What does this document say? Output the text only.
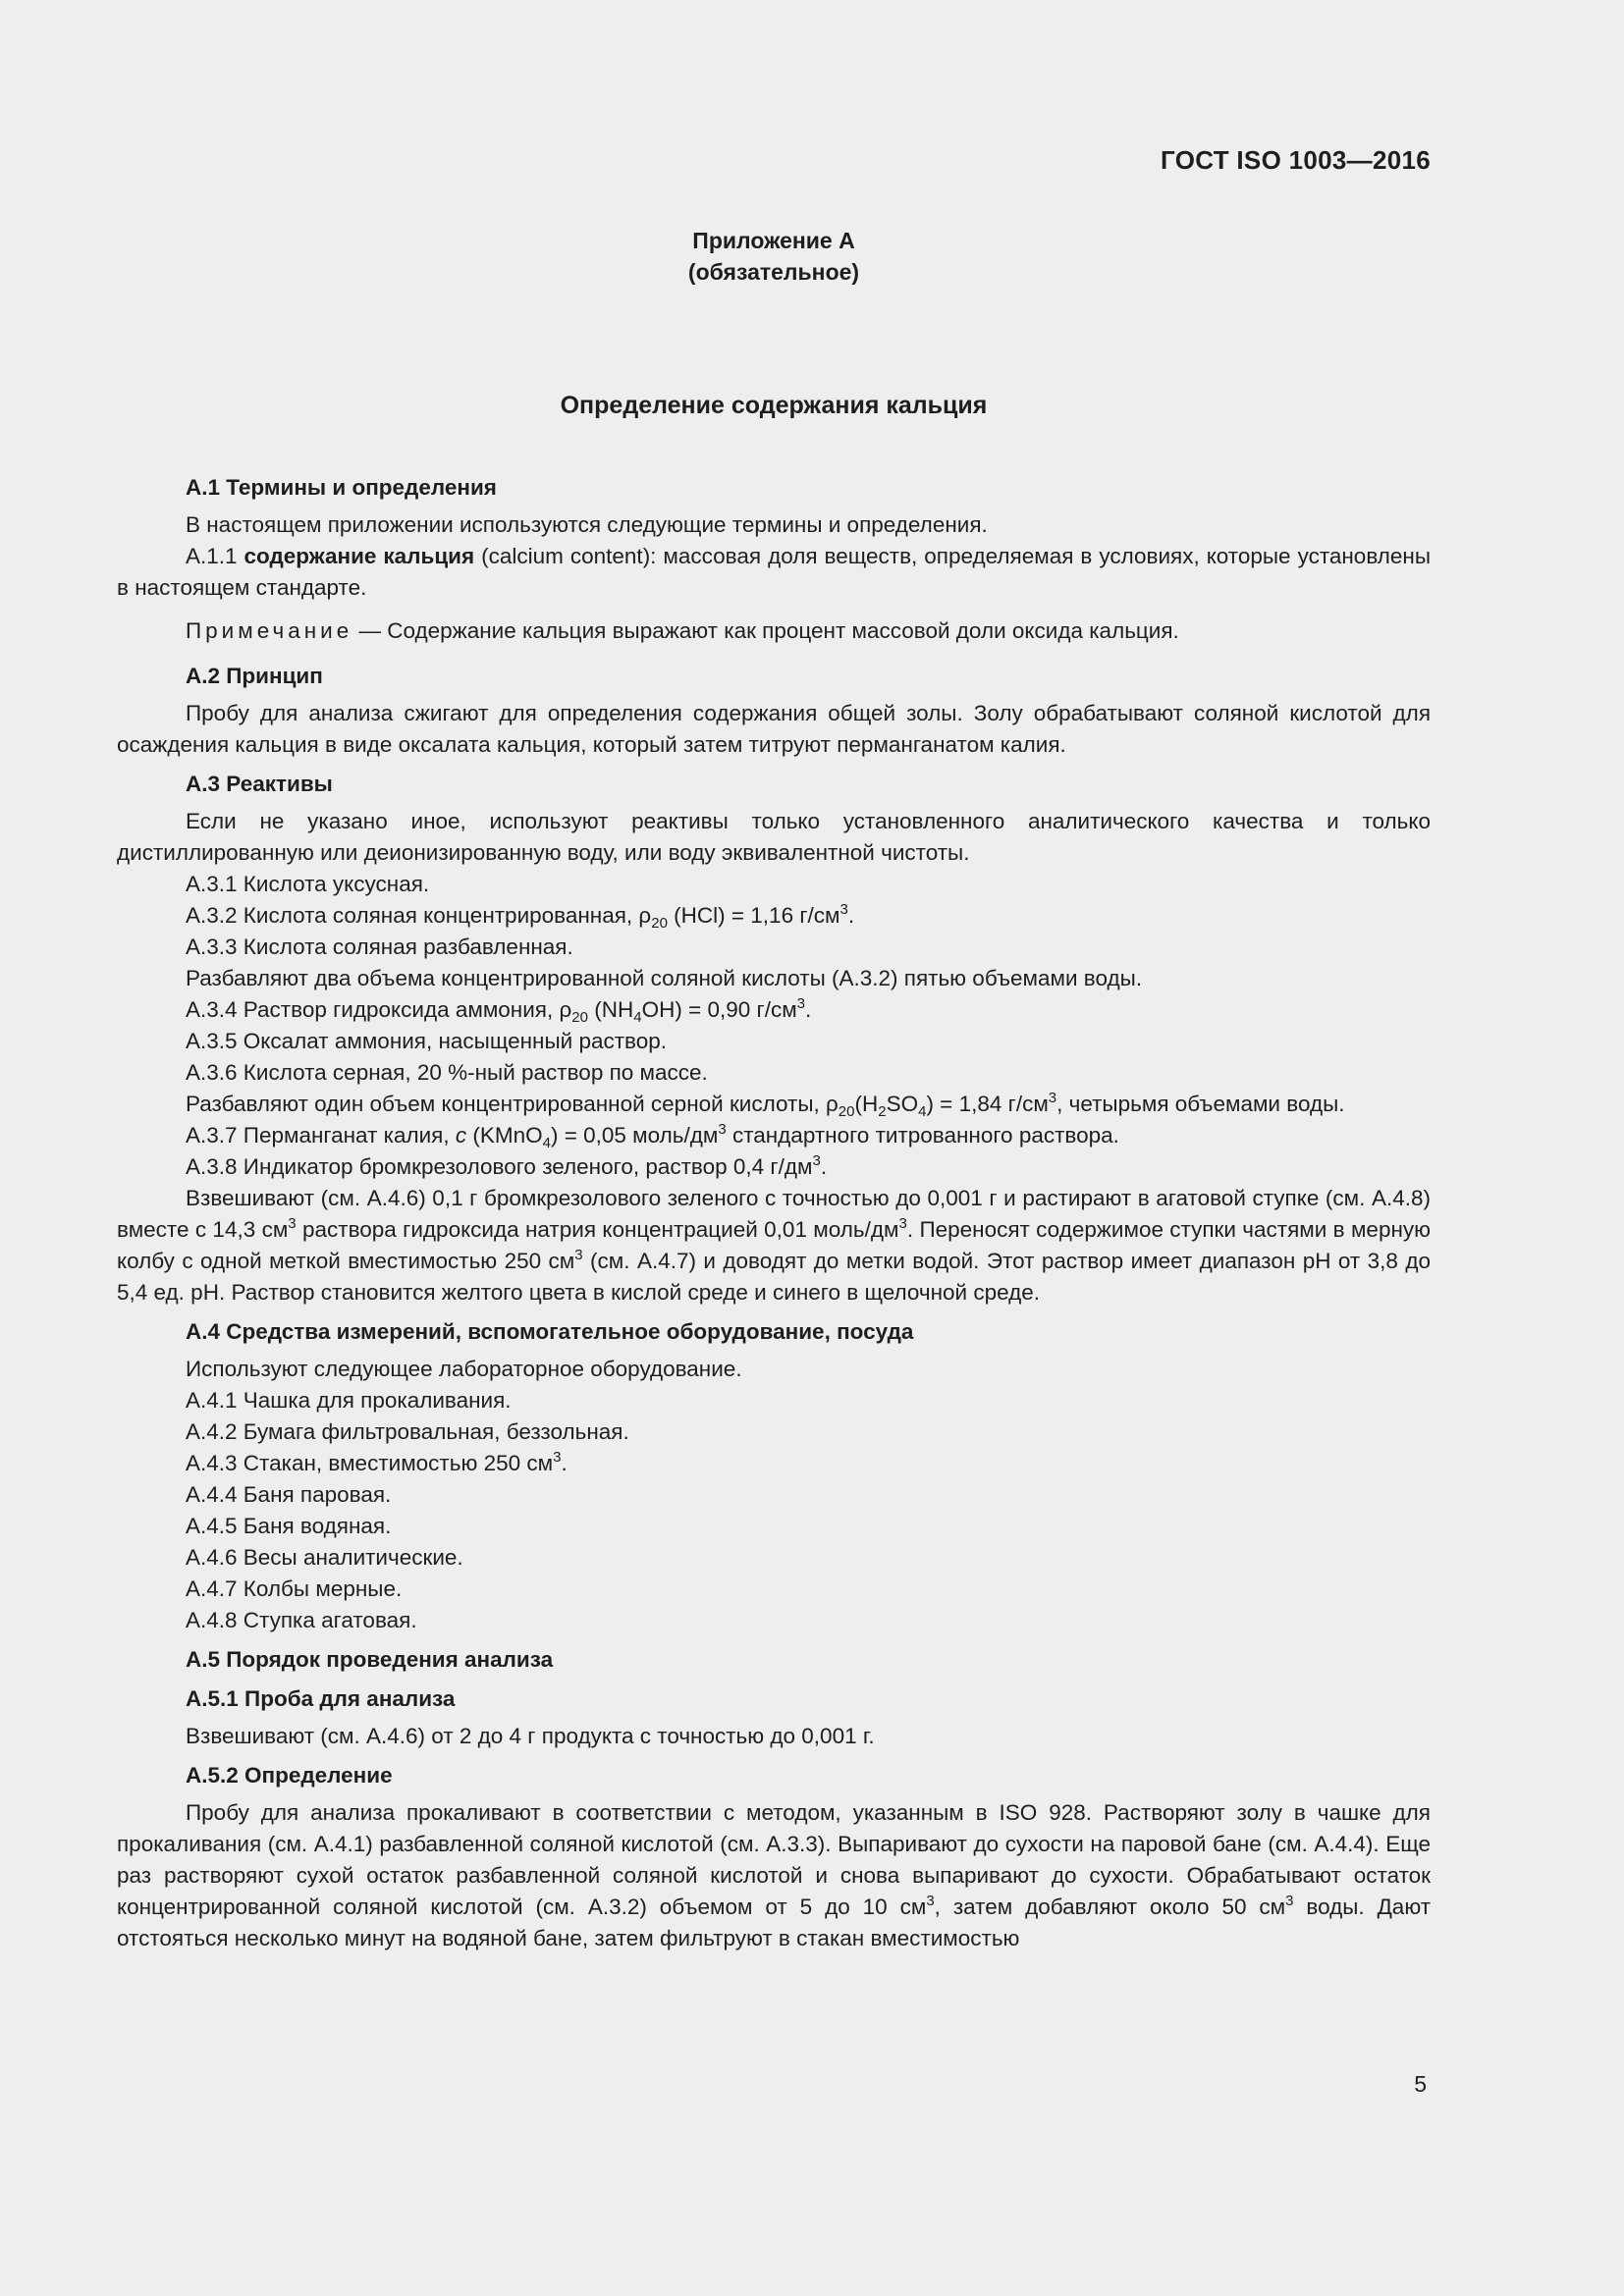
ГОСТ ISO 1003—2016
Приложение А
(обязательное)
Определение содержания кальция

А.1 Термины и определения

В настоящем приложении используются следующие термины и определения.

А.1.1 содержание кальция (calcium content): массовая доля веществ, определяемая в условиях, которые установлены в настоящем стандарте.

Примечание — Содержание кальция выражают как процент массовой доли оксида кальция.

А.2 Принцип

Пробу для анализа сжигают для определения содержания общей золы. Золу обрабатывают соляной кислотой для осаждения кальция в виде оксалата кальция, который затем титруют перманганатом калия.

А.3 Реактивы

Если не указано иное, используют реактивы только установленного аналитического качества и только дистиллированную или деионизированную воду, или воду эквивалентной чистоты.

А.3.1 Кислота уксусная.

А.3.2 Кислота соляная концентрированная, $\rho_{20}$ (HCl) = 1,16 $г/см^3$.

А.3.3 Кислота соляная разбавленная.

Разбавляют два объема концентрированной соляной кислоты (А.3.2) пятью объемами воды.

А.3.4 Раствор гидроксида аммония, $\rho_{20}$ $(NH_4OH) = 0,90$ $г/см^3$.

А.3.5 Оксалат аммония, насыщенный раствор.

А.3.6 Кислота серная, 20 %-ный раствор по массе.

Разбавляют один объем концентрированной серной кислоты, $\rho_{20}(H_2SO_4) = 1,84$ $г/см^3$, четырьмя объемами воды.

А.3.7 Перманганат калия, c (KMnO$_4$) = 0,05 моль/$дм^3$ стандартного титрованного раствора.

А.3.8 Индикатор бромкрезолового зеленого, раствор 0,4 $г/дм^3$.

Взвешивают (см. А.4.6) 0,1 г бромкрезолового зеленого с точностью до 0,001 г и растирают в агатовой ступке (см. А.4.8) вместе с 14,3 $см^3$ раствора гидроксида натрия концентрацией 0,01 моль/$дм^3$. Переносят содержимое ступки частями в мерную колбу с одной меткой вместимостью 250 $см^3$ (см. А.4.7) и доводят до метки водой. Этот раствор имеет диапазон pH от 3,8 до 5,4 ед. pH. Раствор становится желтого цвета в кислой среде и синего в щелочной среде.

А.4 Средства измерений, вспомогательное оборудование, посуда

Используют следующее лабораторное оборудование.

А.4.1 Чашка для прокаливания.

А.4.2 Бумага фильтровальная, беззольная.

А.4.3 Стакан, вместимостью 250 $см^3$.

А.4.4 Баня паровая.

А.4.5 Баня водяная.

А.4.6 Весы аналитические.

А.4.7 Колбы мерные.

А.4.8 Ступка агатовая.

А.5 Порядок проведения анализа

А.5.1 Проба для анализа

Взвешивают (см. А.4.6) от 2 до 4 г продукта с точностью до 0,001 г.

А.5.2 Определение

Пробу для анализа прокаливают в соответствии с методом, указанным в ISO 928. Растворяют золу в чашке для прокаливания (см. А.4.1) разбавленной соляной кислотой (см. А.3.3). Выпаривают до сухости на паровой бане (см. А.4.4). Еще раз растворяют сухой остаток разбавленной соляной кислотой и снова выпаривают до сухости. Обрабатывают остаток концентрированной соляной кислотой (см. А.3.2) объемом от 5 до 10 $см^3$, затем добавляют около 50 $см^3$ воды. Дают отстояться несколько минут на водяной бане, затем фильтруют в стакан вместимостью

5
